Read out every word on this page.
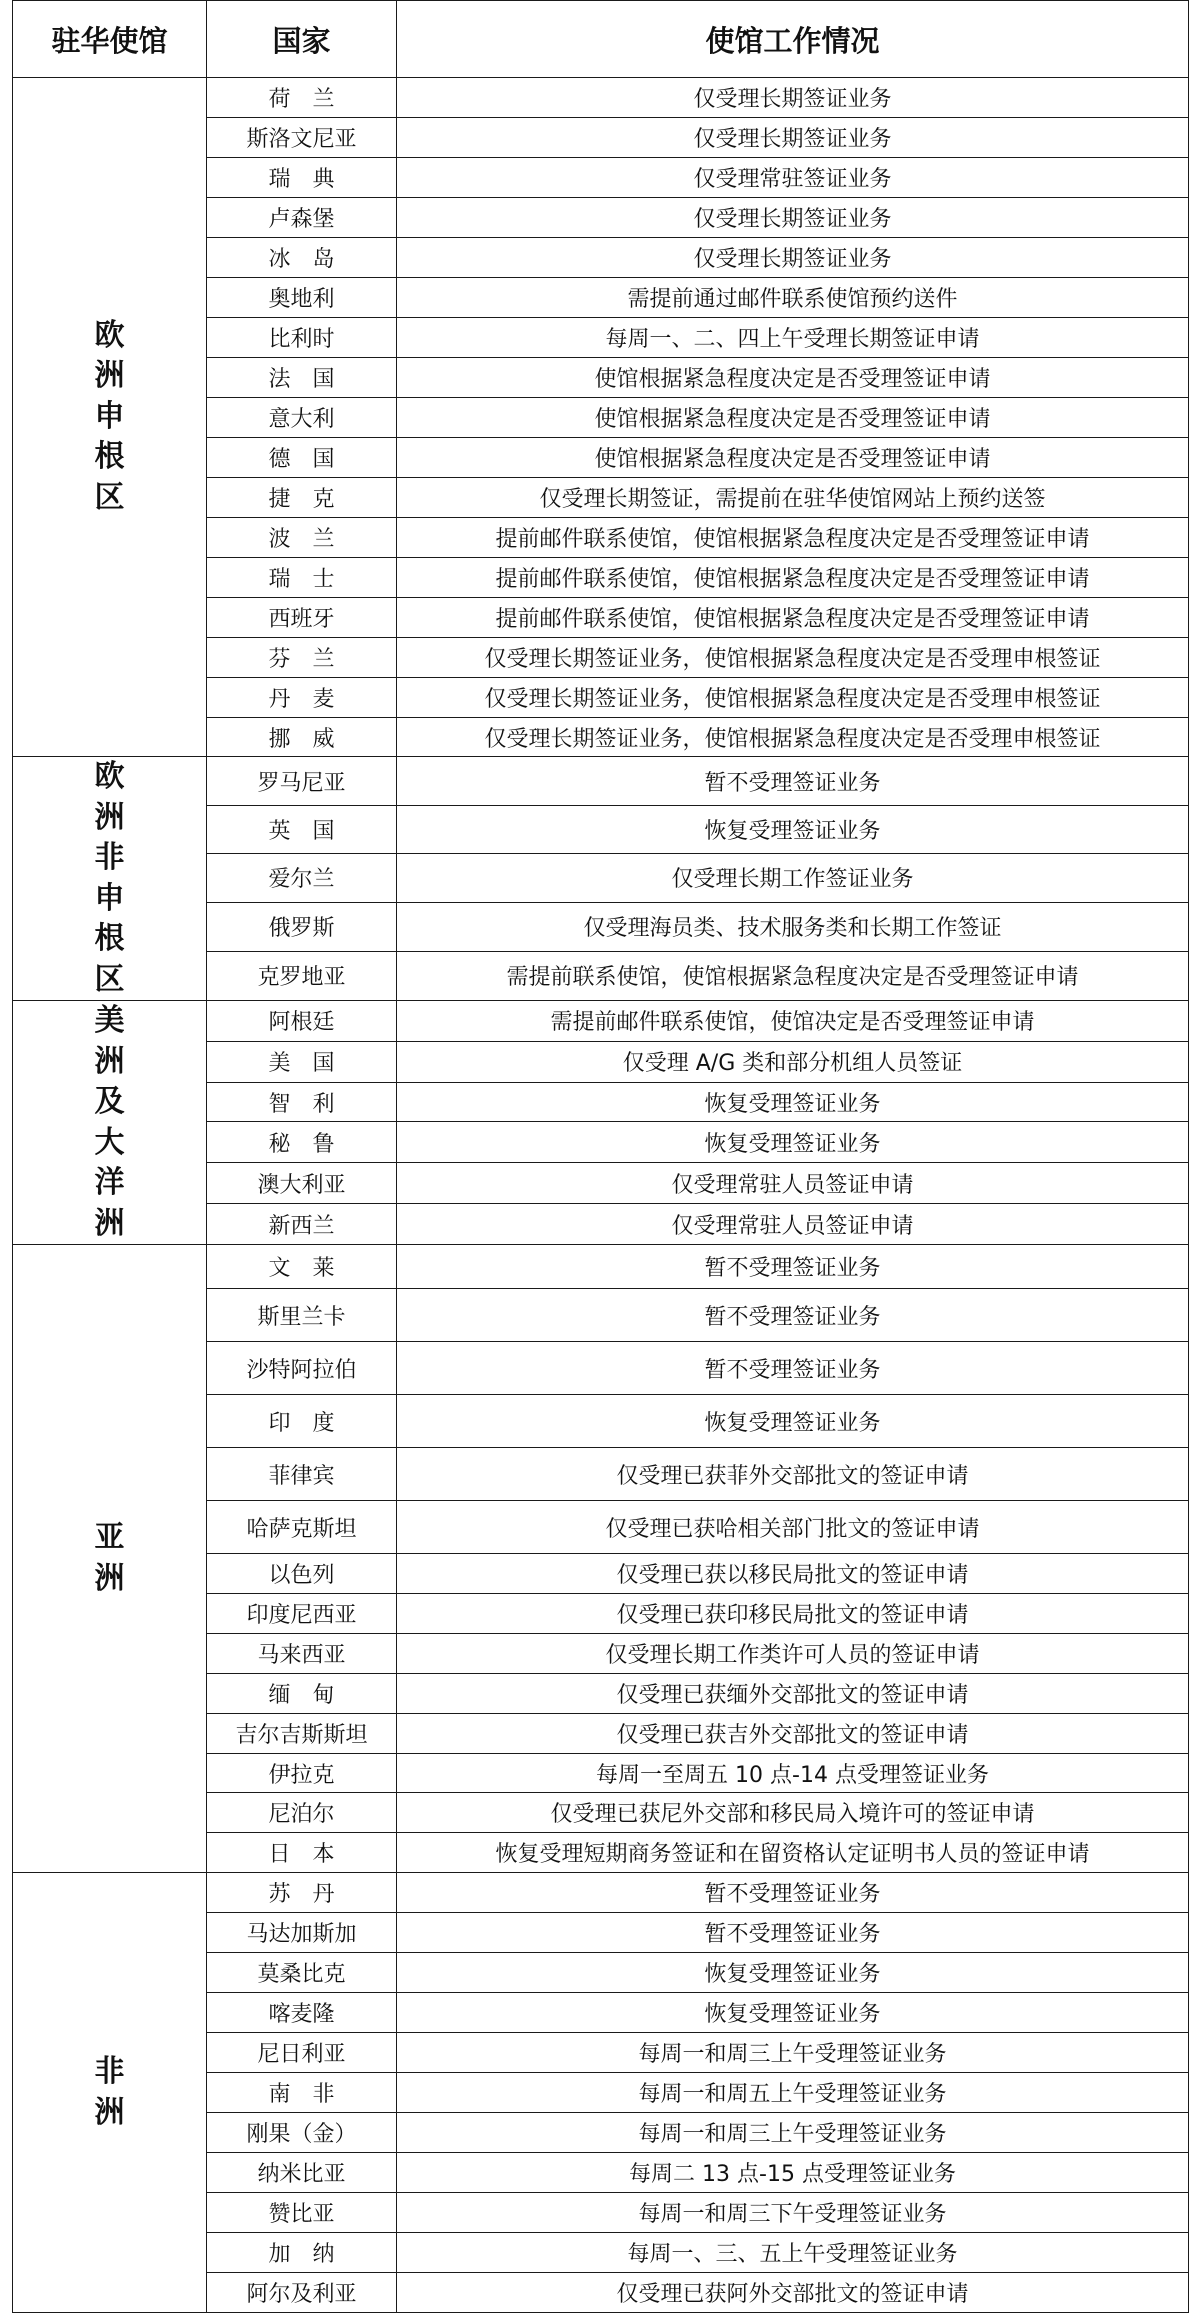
驻华使馆	国家	使馆工作情况
欧洲申根区	荷　兰	仅受理长期签证业务
	斯洛文尼亚	仅受理长期签证业务
	瑞　典	仅受理常驻签证业务
	卢森堡	仅受理长期签证业务
	冰　岛	仅受理长期签证业务
	奥地利	需提前通过邮件联系使馆预约送件
	比利时	每周一、二、四上午受理长期签证申请
	法　国	使馆根据紧急程度决定是否受理签证申请
	意大利	使馆根据紧急程度决定是否受理签证申请
	德　国	使馆根据紧急程度决定是否受理签证申请
	捷　克	仅受理长期签证，需提前在驻华使馆网站上预约送签
	波　兰	提前邮件联系使馆，使馆根据紧急程度决定是否受理签证申请
	瑞　士	提前邮件联系使馆，使馆根据紧急程度决定是否受理签证申请
	西班牙	提前邮件联系使馆，使馆根据紧急程度决定是否受理签证申请
	芬　兰	仅受理长期签证业务，使馆根据紧急程度决定是否受理申根签证
	丹　麦	仅受理长期签证业务，使馆根据紧急程度决定是否受理申根签证
	挪　威	仅受理长期签证业务，使馆根据紧急程度决定是否受理申根签证
欧洲非申根区	罗马尼亚	暂不受理签证业务
	英　国	恢复受理签证业务
	爱尔兰	仅受理长期工作签证业务
	俄罗斯	仅受理海员类、技术服务类和长期工作签证
	克罗地亚	需提前联系使馆，使馆根据紧急程度决定是否受理签证申请
美洲及大洋洲	阿根廷	需提前邮件联系使馆，使馆决定是否受理签证申请
	美　国	仅受理 A/G 类和部分机组人员签证
	智　利	恢复受理签证业务
	秘　鲁	恢复受理签证业务
	澳大利亚	仅受理常驻人员签证申请
	新西兰	仅受理常驻人员签证申请
亚　洲	文　莱	暂不受理签证业务
	斯里兰卡	暂不受理签证业务
	沙特阿拉伯	暂不受理签证业务
	印　度	恢复受理签证业务
	菲律宾	仅受理已获菲外交部批文的签证申请
	哈萨克斯坦	仅受理已获哈相关部门批文的签证申请
	以色列	仅受理已获以移民局批文的签证申请
	印度尼西亚	仅受理已获印移民局批文的签证申请
	马来西亚	仅受理长期工作类许可人员的签证申请
	缅　甸	仅受理已获缅外交部批文的签证申请
	吉尔吉斯斯坦	仅受理已获吉外交部批文的签证申请
	伊拉克	每周一至周五 10 点-14 点受理签证业务
	尼泊尔	仅受理已获尼外交部和移民局入境许可的签证申请
	日　本	恢复受理短期商务签证和在留资格认定证明书人员的签证申请
非　洲	苏　丹	暂不受理签证业务
	马达加斯加	暂不受理签证业务
	莫桑比克	恢复受理签证业务
	喀麦隆	恢复受理签证业务
	尼日利亚	每周一和周三上午受理签证业务
	南　非	每周一和周五上午受理签证业务
	刚果（金）	每周一和周三上午受理签证业务
	纳米比亚	每周二 13 点-15 点受理签证业务
	赞比亚	每周一和周三下午受理签证业务
	加　纳	每周一、三、五上午受理签证业务
	阿尔及利亚	仅受理已获阿外交部批文的签证申请
